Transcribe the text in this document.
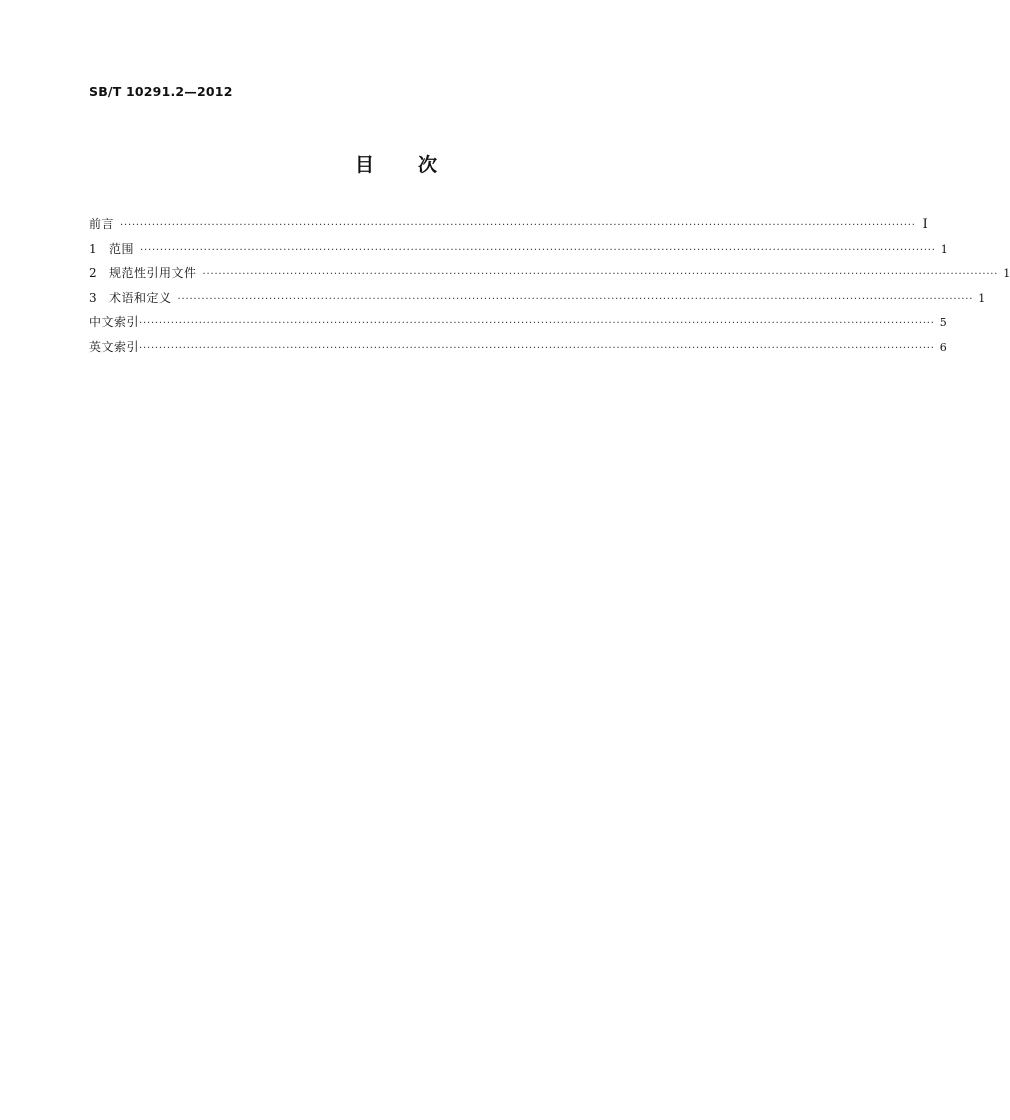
SB/T 10291.2—2012
目次
前言 ········································································································································································································ Ⅰ
1 范围 ········································································································································································································ 1
2 规范性引用文件 ········································································································································································································ 1
3 术语和定义 ········································································································································································································ 1
中文索引 ········································································································································································································ 5
英文索引 ········································································································································································································ 6
